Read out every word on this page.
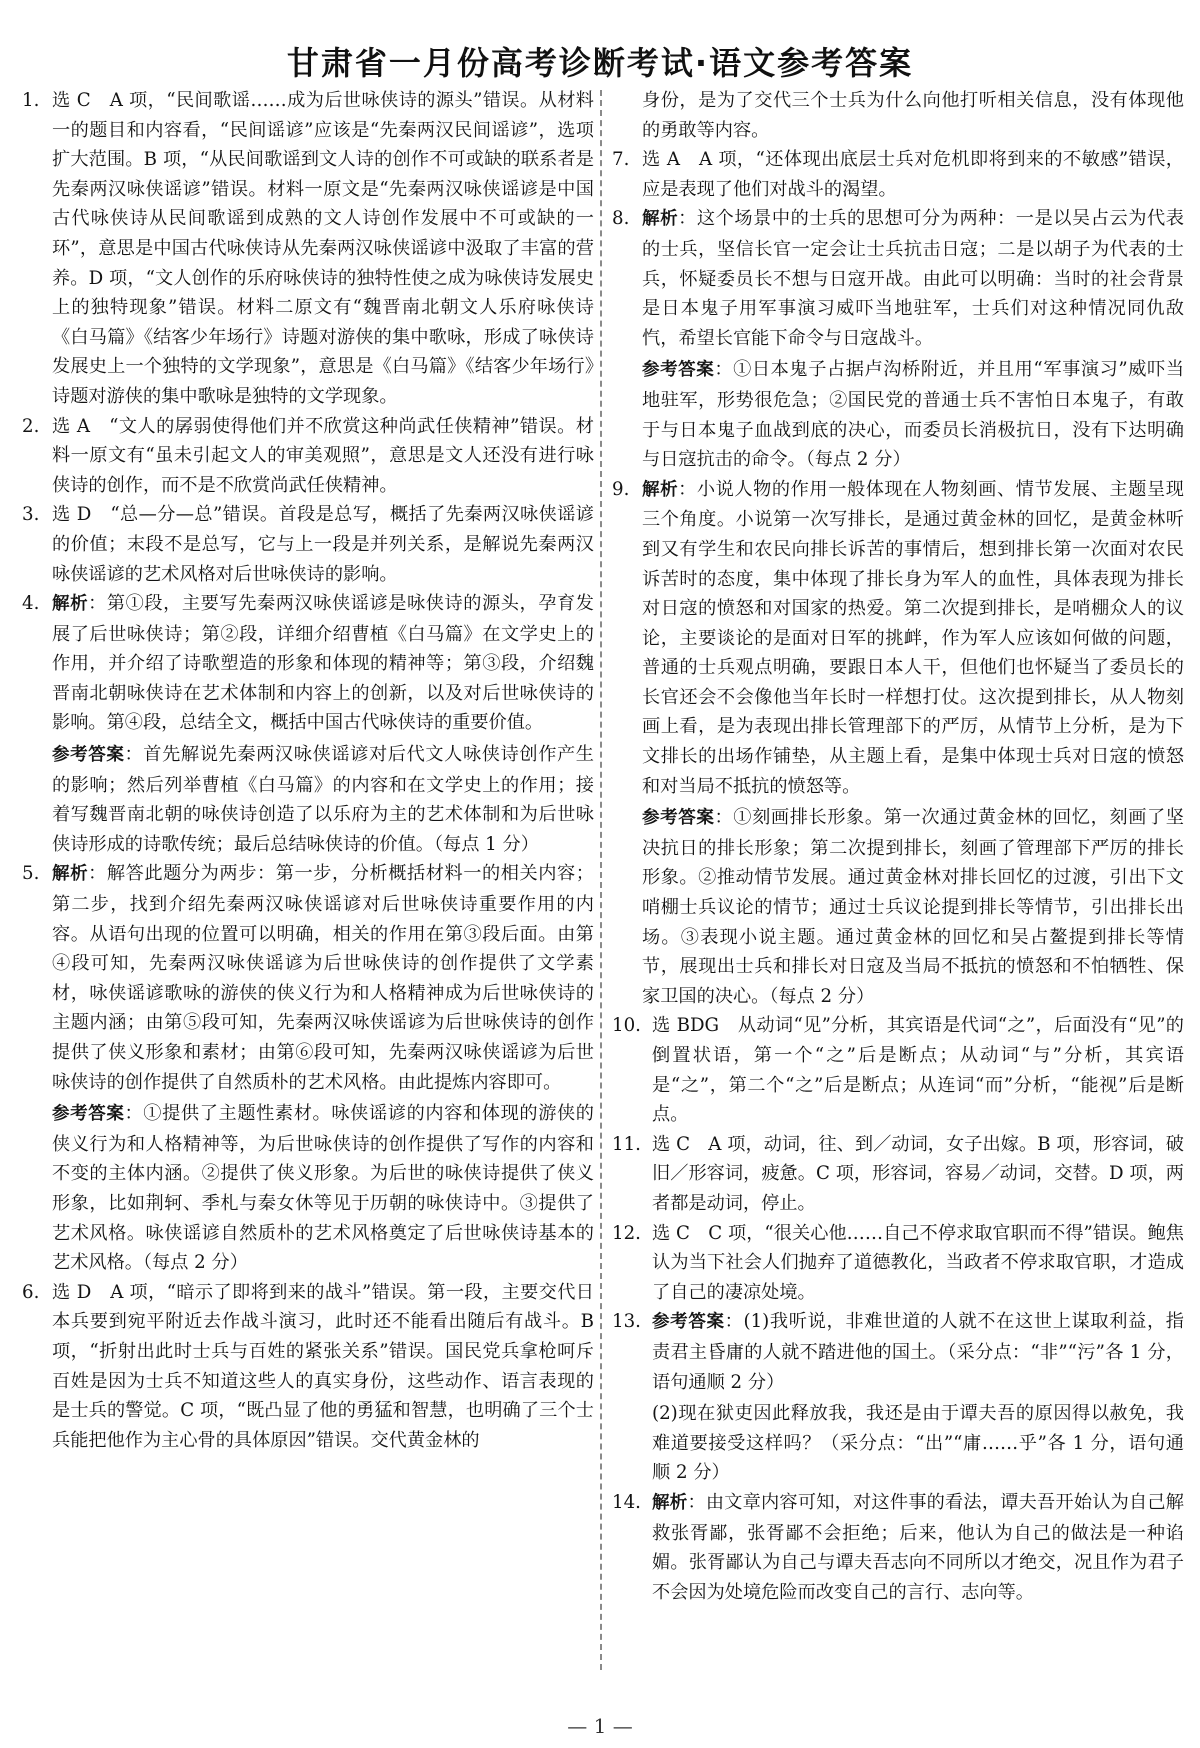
甘肃省一月份高考诊断考试·语文参考答案
1. 选 C　A 项，“民间歌谣……成为后世咏侠诗的源头”错误。从材料一的题目和内容看，“民间谣谚”应该是“先秦两汉民间谣谚”，选项扩大范围。B 项，“从民间歌谣到文人诗的创作不可或缺的联系者是先秦两汉咏侠谣谚”错误。材料一原文是“先秦两汉咏侠谣谚是中国古代咏侠诗从民间歌谣到成熟的文人诗创作发展中不可或缺的一环”，意思是中国古代咏侠诗从先秦两汉咏侠谣谚中汲取了丰富的营养。D 项，“文人创作的乐府咏侠诗的独特性使之成为咏侠诗发展史上的独特现象”错误。材料二原文有“魏晋南北朝文人乐府咏侠诗《白马篇》《结客少年场行》诗题对游侠的集中歌咏，形成了咏侠诗发展史上一个独特的文学现象”，意思是《白马篇》《结客少年场行》诗题对游侠的集中歌咏是独特的文学现象。

2. 选 A　“文人的孱弱使得他们并不欣赏这种尚武任侠精神”错误。材料一原文有“虽未引起文人的审美观照”，意思是文人还没有进行咏侠诗的创作，而不是不欣赏尚武任侠精神。

3. 选 D　“总—分—总”错误。首段是总写，概括了先秦两汉咏侠谣谚的价值；末段不是总写，它与上一段是并列关系，是解说先秦两汉咏侠谣谚的艺术风格对后世咏侠诗的影响。

4. 解析：第①段，主要写先秦两汉咏侠谣谚是咏侠诗的源头，孕育发展了后世咏侠诗；第②段，详细介绍曹植《白马篇》在文学史上的作用，并介绍了诗歌塑造的形象和体现的精神等；第③段，介绍魏晋南北朝咏侠诗在艺术体制和内容上的创新，以及对后世咏侠诗的影响。第④段，总结全文，概括中国古代咏侠诗的重要价值。

参考答案：首先解说先秦两汉咏侠谣谚对后代文人咏侠诗创作产生的影响；然后列举曹植《白马篇》的内容和在文学史上的作用；接着写魏晋南北朝的咏侠诗创造了以乐府为主的艺术体制和为后世咏侠诗形成的诗歌传统；最后总结咏侠诗的价值。（每点 1 分）

5. 解析：解答此题分为两步：第一步，分析概括材料一的相关内容；第二步，找到介绍先秦两汉咏侠谣谚对后世咏侠诗重要作用的内容。从语句出现的位置可以明确，相关的作用在第③段后面。由第④段可知，先秦两汉咏侠谣谚为后世咏侠诗的创作提供了文学素材，咏侠谣谚歌咏的游侠的侠义行为和人格精神成为后世咏侠诗的主题内涵；由第⑤段可知，先秦两汉咏侠谣谚为后世咏侠诗的创作提供了侠义形象和素材；由第⑥段可知，先秦两汉咏侠谣谚为后世咏侠诗的创作提供了自然质朴的艺术风格。由此提炼内容即可。

参考答案：①提供了主题性素材。咏侠谣谚的内容和体现的游侠的侠义行为和人格精神等，为后世咏侠诗的创作提供了写作的内容和不变的主体内涵。②提供了侠义形象。为后世的咏侠诗提供了侠义形象，比如荆轲、季札与秦女休等见于历朝的咏侠诗中。③提供了艺术风格。咏侠谣谚自然质朴的艺术风格奠定了后世咏侠诗基本的艺术风格。（每点 2 分）

6. 选 D　A 项，“暗示了即将到来的战斗”错误。第一段，主要交代日本兵要到宛平附近去作战斗演习，此时还不能看出随后有战斗。B 项，“折射出此时士兵与百姓的紧张关系”错误。国民党兵拿枪呵斥百姓是因为士兵不知道这些人的真实身份，这些动作、语言表现的是士兵的警觉。C 项，“既凸显了他的勇猛和智慧，也明确了三个士兵能把他作为主心骨的具体原因”错误。交代黄金林的

身份，是为了交代三个士兵为什么向他打听相关信息，没有体现他的勇敢等内容。

7. 选 A　A 项，“还体现出底层士兵对危机即将到来的不敏感”错误，应是表现了他们对战斗的渴望。

8. 解析：这个场景中的士兵的思想可分为两种：一是以吴占云为代表的士兵，坚信长官一定会让士兵抗击日寇；二是以胡子为代表的士兵，怀疑委员长不想与日寇开战。由此可以明确：当时的社会背景是日本鬼子用军事演习威吓当地驻军，士兵们对这种情况同仇敌忾，希望长官能下命令与日寇战斗。

参考答案：①日本鬼子占据卢沟桥附近，并且用“军事演习”威吓当地驻军，形势很危急；②国民党的普通士兵不害怕日本鬼子，有敢于与日本鬼子血战到底的决心，而委员长消极抗日，没有下达明确与日寇抗击的命令。（每点 2 分）

9. 解析：小说人物的作用一般体现在人物刻画、情节发展、主题呈现三个角度。小说第一次写排长，是通过黄金林的回忆，是黄金林听到又有学生和农民向排长诉苦的事情后，想到排长第一次面对农民诉苦时的态度，集中体现了排长身为军人的血性，具体表现为排长对日寇的愤怒和对国家的热爱。第二次提到排长，是哨棚众人的议论，主要谈论的是面对日军的挑衅，作为军人应该如何做的问题，普通的士兵观点明确，要跟日本人干，但他们也怀疑当了委员长的长官还会不会像他当年长时一样想打仗。这次提到排长，从人物刻画上看，是为表现出排长管理部下的严厉，从情节上分析，是为下文排长的出场作铺垫，从主题上看，是集中体现士兵对日寇的愤怒和对当局不抵抗的愤怒等。

参考答案：①刻画排长形象。第一次通过黄金林的回忆，刻画了坚决抗日的排长形象；第二次提到排长，刻画了管理部下严厉的排长形象。②推动情节发展。通过黄金林对排长回忆的过渡，引出下文哨棚士兵议论的情节；通过士兵议论提到排长等情节，引出排长出场。③表现小说主题。通过黄金林的回忆和吴占鳌提到排长等情节，展现出士兵和排长对日寇及当局不抵抗的愤怒和不怕牺牲、保家卫国的决心。（每点 2 分）

10. 选 BDG　从动词“见”分析，其宾语是代词“之”，后面没有“见”的倒置状语，第一个“之”后是断点；从动词“与”分析，其宾语是“之”，第二个“之”后是断点；从连词“而”分析，“能视”后是断点。

11. 选 C　A 项，动词，往、到／动词，女子出嫁。B 项，形容词，破旧／形容词，疲惫。C 项，形容词，容易／动词，交替。D 项，两者都是动词，停止。

12. 选 C　C 项，“很关心他……自己不停求取官职而不得”错误。鲍焦认为当下社会人们抛弃了道德教化，当政者不停求取官职，才造成了自己的凄凉处境。

13. 参考答案：(1)我听说，非难世道的人就不在这世上谋取利益，指责君主昏庸的人就不踏进他的国土。（采分点：“非”“污”各 1 分，语句通顺 2 分）

(2)现在狱吏因此释放我，我还是由于谭夫吾的原因得以赦免，我难道要接受这样吗？（采分点：“出”“庸……乎”各 1 分，语句通顺 2 分）

14. 解析：由文章内容可知，对这件事的看法，谭夫吾开始认为自己解救张胥鄙，张胥鄙不会拒绝；后来，他认为自己的做法是一种谄媚。张胥鄙认为自己与谭夫吾志向不同所以才绝交，况且作为君子不会因为处境危险而改变自己的言行、志向等。

— 1 —
